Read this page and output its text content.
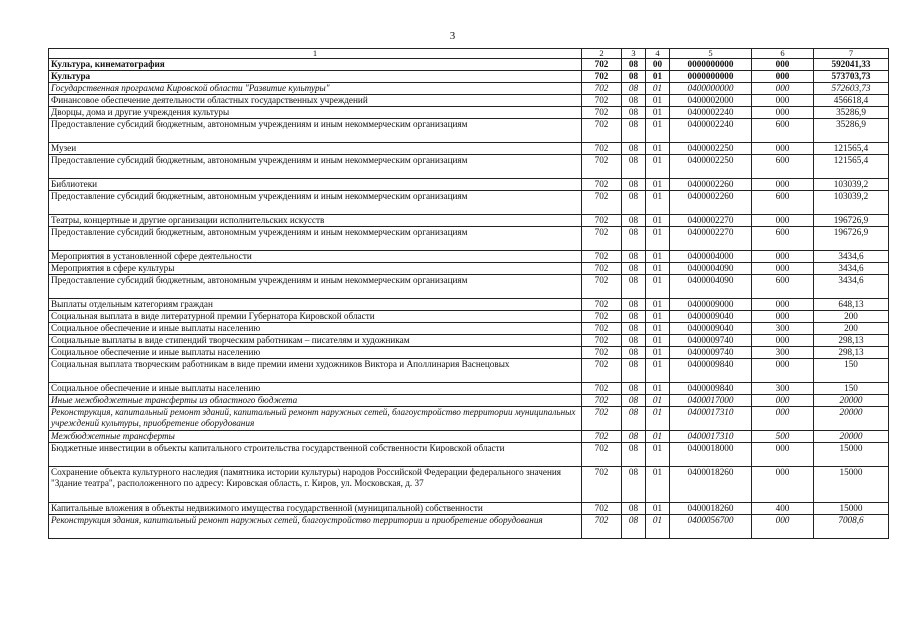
3
1	2	3	4	5	6	7
Культура, кинематография	702	08	00	0000000000	000	592041,33
Культура	702	08	01	0000000000	000	573703,73
Государственная программа Кировской области "Развитие культуры"	702	08	01	0400000000	000	572603,73
Финансовое обеспечение деятельности областных государственных учреждений	702	08	01	0400002000	000	456618,4
Дворцы, дома и другие учреждения культуры	702	08	01	0400002240	000	35286,9
Предоставление субсидий бюджетным, автономным учреждениям и иным некоммерческим организациям	702	08	01	0400002240	600	35286,9
Музеи	702	08	01	0400002250	000	121565,4
Предоставление субсидий бюджетным, автономным учреждениям и иным некоммерческим организациям	702	08	01	0400002250	600	121565,4
Библиотеки	702	08	01	0400002260	000	103039,2
Предоставление субсидий бюджетным, автономным учреждениям и иным некоммерческим организациям	702	08	01	0400002260	600	103039,2
Театры, концертные и другие организации исполнительских искусств	702	08	01	0400002270	000	196726,9
Предоставление субсидий бюджетным, автономным учреждениям и иным некоммерческим организациям	702	08	01	0400002270	600	196726,9
Мероприятия в установленной сфере деятельности	702	08	01	0400004000	000	3434,6
Мероприятия в сфере культуры	702	08	01	0400004090	000	3434,6
Предоставление субсидий бюджетным, автономным учреждениям и иным некоммерческим организациям	702	08	01	0400004090	600	3434,6
Выплаты отдельным категориям граждан	702	08	01	0400009000	000	648,13
Социальная выплата в виде литературной премии Губернатора Кировской области	702	08	01	0400009040	000	200
Социальное обеспечение и иные выплаты населению	702	08	01	0400009040	300	200
Социальные выплаты в виде стипендий творческим работникам – писателям и художникам	702	08	01	0400009740	000	298,13
Социальное обеспечение и иные выплаты населению	702	08	01	0400009740	300	298,13
Социальная выплата творческим работникам в виде премии имени художников Виктора и Аполлинария Васнецовых	702	08	01	0400009840	000	150
Социальное обеспечение и иные выплаты населению	702	08	01	0400009840	300	150
Иные межбюджетные трансферты из областного бюджета	702	08	01	0400017000	000	20000
Реконструкция, капитальный ремонт зданий, капитальный ремонт наружных сетей, благоустройство территории муниципальных учреждений культуры, приобретение оборудования	702	08	01	0400017310	000	20000
Межбюджетные трансферты	702	08	01	0400017310	500	20000
Бюджетные инвестиции в объекты капитального строительства государственной собственности Кировской области	702	08	01	0400018000	000	15000
Сохранение объекта культурного наследия (памятника истории культуры) народов Российской Федерации федерального значения "Здание театра", расположенного по адресу: Кировская область, г. Киров, ул. Московская, д. 37	702	08	01	0400018260	000	15000
Капитальные вложения в объекты недвижимого имущества государственной (муниципальной) собственности	702	08	01	0400018260	400	15000
Реконструкция здания, капитальный ремонт наружных сетей, благоустройство территории и приобретение оборудования	702	08	01	0400056700	000	7008,6
